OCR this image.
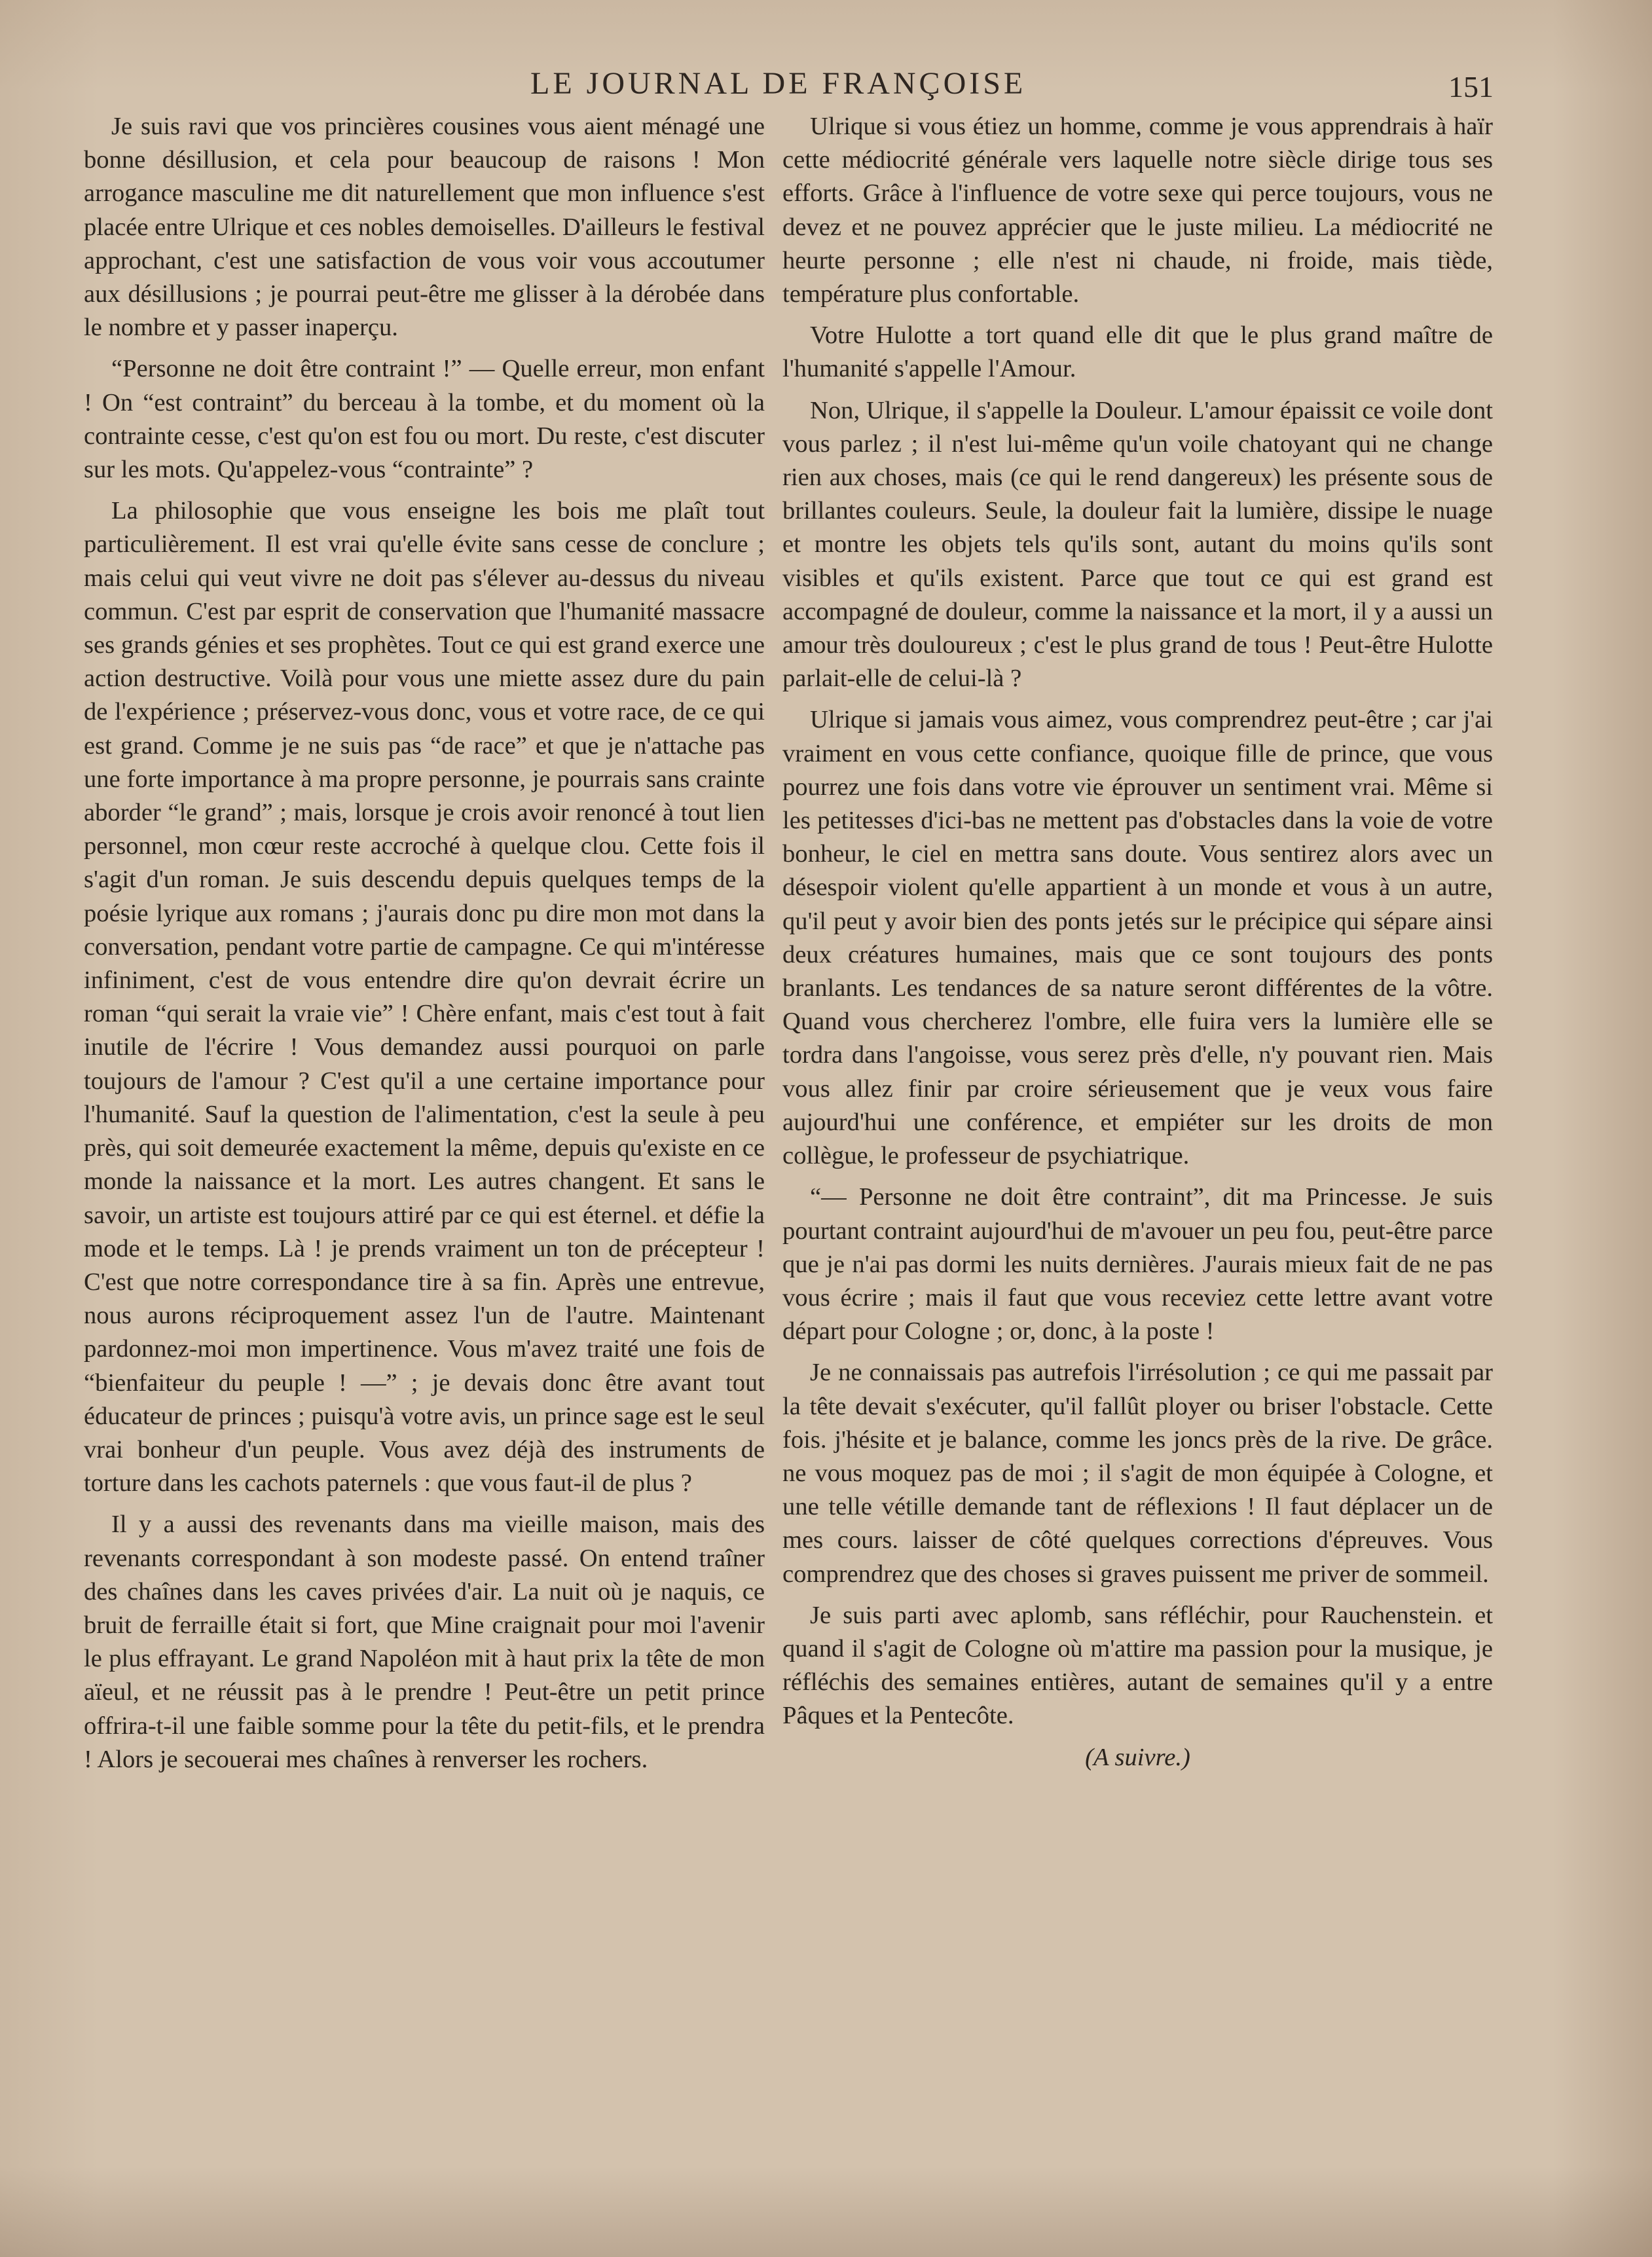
LE JOURNAL DE FRANÇOISE	151

Je suis ravi que vos princières cousines vous aient ménagé une bonne désillusion, et cela pour beaucoup de raisons ! Mon arrogance masculine me dit naturellement que mon influence s'est placée entre Ulrique et ces nobles demoiselles. D'ailleurs le festival approchant, c'est une satisfaction de vous voir vous accoutumer aux désillusions ; je pourrai peut-être me glisser à la dérobée dans le nombre et y passer inaperçu.

“Personne ne doit être contraint !” — Quelle erreur, mon enfant ! On “est contraint” du berceau à la tombe, et du moment où la contrainte cesse, c'est qu'on est fou ou mort. Du reste, c'est discuter sur les mots. Qu'appelez-vous “contrainte” ?

La philosophie que vous enseigne les bois me plaît tout particulièrement. Il est vrai qu'elle évite sans cesse de conclure ; mais celui qui veut vivre ne doit pas s'élever au-dessus du niveau commun. C'est par esprit de conservation que l'humanité massacre ses grands génies et ses prophètes. Tout ce qui est grand exerce une action destructive. Voilà pour vous une miette assez dure du pain de l'expérience ; préservez-vous donc, vous et votre race, de ce qui est grand. Comme je ne suis pas “de race” et que je n'attache pas une forte importance à ma propre personne, je pourrais sans crainte aborder “le grand” ; mais, lorsque je crois avoir renoncé à tout lien personnel, mon cœur reste accroché à quelque clou. Cette fois il s'agit d'un roman. Je suis descendu depuis quelques temps de la poésie lyrique aux romans ; j'aurais donc pu dire mon mot dans la conversation, pendant votre partie de campagne. Ce qui m'intéresse infiniment, c'est de vous entendre dire qu'on devrait écrire un roman “qui serait la vraie vie” ! Chère enfant, mais c'est tout à fait inutile de l'écrire ! Vous demandez aussi pourquoi on parle toujours de l'amour ? C'est qu'il a une certaine importance pour l'humanité. Sauf la question de l'alimentation, c'est la seule à peu près, qui soit demeurée exactement la même, depuis qu'existe en ce monde la naissance et la mort. Les autres changent. Et sans le savoir, un artiste est toujours attiré par ce qui est éternel. et défie la mode et le temps. Là ! je prends vraiment un ton de précepteur ! C'est que notre correspondance tire à sa fin. Après une entrevue, nous aurons réciproquement assez l'un de l'autre. Maintenant pardonnez-moi mon impertinence. Vous m'avez traité une fois de “bienfaiteur du peuple ! —” ; je devais donc être avant tout éducateur de princes ; puisqu'à votre avis, un prince sage est le seul vrai bonheur d'un peuple. Vous avez déjà des instruments de torture dans les cachots paternels : que vous faut-il de plus ?

Il y a aussi des revenants dans ma vieille maison, mais des revenants correspondant à son modeste passé. On entend traîner des chaînes dans les caves privées d'air. La nuit où je naquis, ce bruit de ferraille était si fort, que Mine craignait pour moi l'avenir le plus effrayant. Le grand Napoléon mit à haut prix la tête de mon aïeul, et ne réussit pas à le prendre ! Peut-être un petit prince offrira-t-il une faible somme pour la tête du petit-fils, et le prendra ! Alors je secouerai mes chaînes à renverser les rochers.

Ulrique si vous étiez un homme, comme je vous apprendrais à haïr cette médiocrité générale vers laquelle notre siècle dirige tous ses efforts. Grâce à l'influence de votre sexe qui perce toujours, vous ne devez et ne pouvez apprécier que le juste milieu. La médiocrité ne heurte personne ; elle n'est ni chaude, ni froide, mais tiède, température plus confortable.

Votre Hulotte a tort quand elle dit que le plus grand maître de l'humanité s'appelle l'Amour.

Non, Ulrique, il s'appelle la Douleur. L'amour épaissit ce voile dont vous parlez ; il n'est lui-même qu'un voile chatoyant qui ne change rien aux choses, mais (ce qui le rend dangereux) les présente sous de brillantes couleurs. Seule, la douleur fait la lumière, dissipe le nuage et montre les objets tels qu'ils sont, autant du moins qu'ils sont visibles et qu'ils existent. Parce que tout ce qui est grand est accompagné de douleur, comme la naissance et la mort, il y a aussi un amour très douloureux ; c'est le plus grand de tous ! Peut-être Hulotte parlait-elle de celui-là ?

Ulrique si jamais vous aimez, vous comprendrez peut-être ; car j'ai vraiment en vous cette confiance, quoique fille de prince, que vous pourrez une fois dans votre vie éprouver un sentiment vrai. Même si les petitesses d'ici-bas ne mettent pas d'obstacles dans la voie de votre bonheur, le ciel en mettra sans doute. Vous sentirez alors avec un désespoir violent qu'elle appartient à un monde et vous à un autre, qu'il peut y avoir bien des ponts jetés sur le précipice qui sépare ainsi deux créatures humaines, mais que ce sont toujours des ponts branlants. Les tendances de sa nature seront différentes de la vôtre. Quand vous chercherez l'ombre, elle fuira vers la lumière elle se tordra dans l'angoisse, vous serez près d'elle, n'y pouvant rien. Mais vous allez finir par croire sérieusement que je veux vous faire aujourd'hui une conférence, et empiéter sur les droits de mon collègue, le professeur de psychiatrique.

“— Personne ne doit être contraint”, dit ma Princesse. Je suis pourtant contraint aujourd'hui de m'avouer un peu fou, peut-être parce que je n'ai pas dormi les nuits dernières. J'aurais mieux fait de ne pas vous écrire ; mais il faut que vous receviez cette lettre avant votre départ pour Cologne ; or, donc, à la poste !

Je ne connaissais pas autrefois l'irrésolution ; ce qui me passait par la tête devait s'exécuter, qu'il fallût ployer ou briser l'obstacle. Cette fois. j'hésite et je balance, comme les joncs près de la rive. De grâce. ne vous moquez pas de moi ; il s'agit de mon équipée à Cologne, et une telle vétille demande tant de réflexions ! Il faut déplacer un de mes cours. laisser de côté quelques corrections d'épreuves. Vous comprendrez que des choses si graves puissent me priver de sommeil.

Je suis parti avec aplomb, sans réfléchir, pour Rauchenstein. et quand il s'agit de Cologne où m'attire ma passion pour la musique, je réfléchis des semaines entières, autant de semaines qu'il y a entre Pâques et la Pentecôte.

(A suivre.)
